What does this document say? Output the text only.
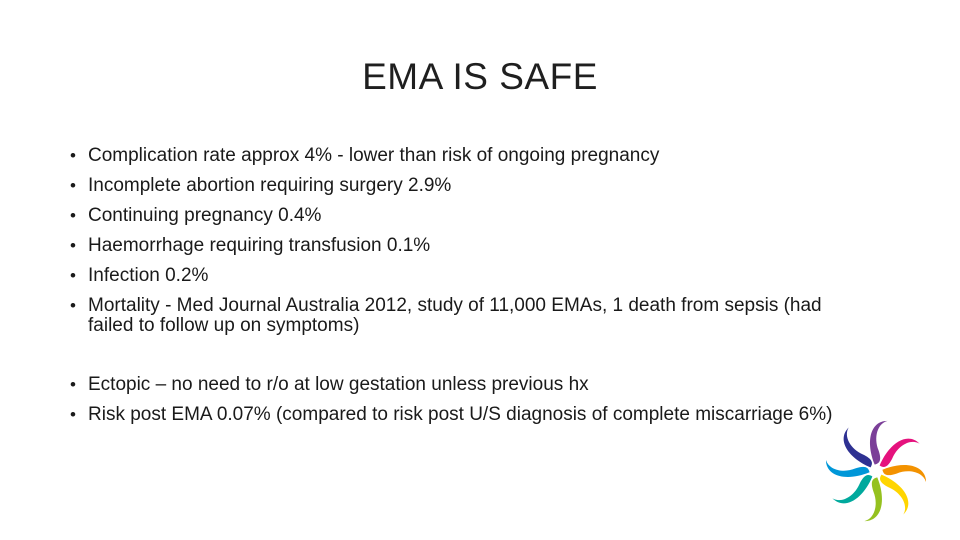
EMA IS SAFE
• Complication rate approx 4% - lower than risk of ongoing pregnancy
• Incomplete abortion requiring surgery 2.9%
• Continuing pregnancy 0.4%
• Haemorrhage requiring transfusion 0.1%
• Infection 0.2%
• Mortality - Med Journal Australia 2012, study of 11,000 EMAs, 1 death from sepsis (had failed to follow up on symptoms)
• Ectopic – no need to r/o at low gestation unless previous hx
• Risk post EMA 0.07% (compared to risk post U/S diagnosis of complete miscarriage 6%)
